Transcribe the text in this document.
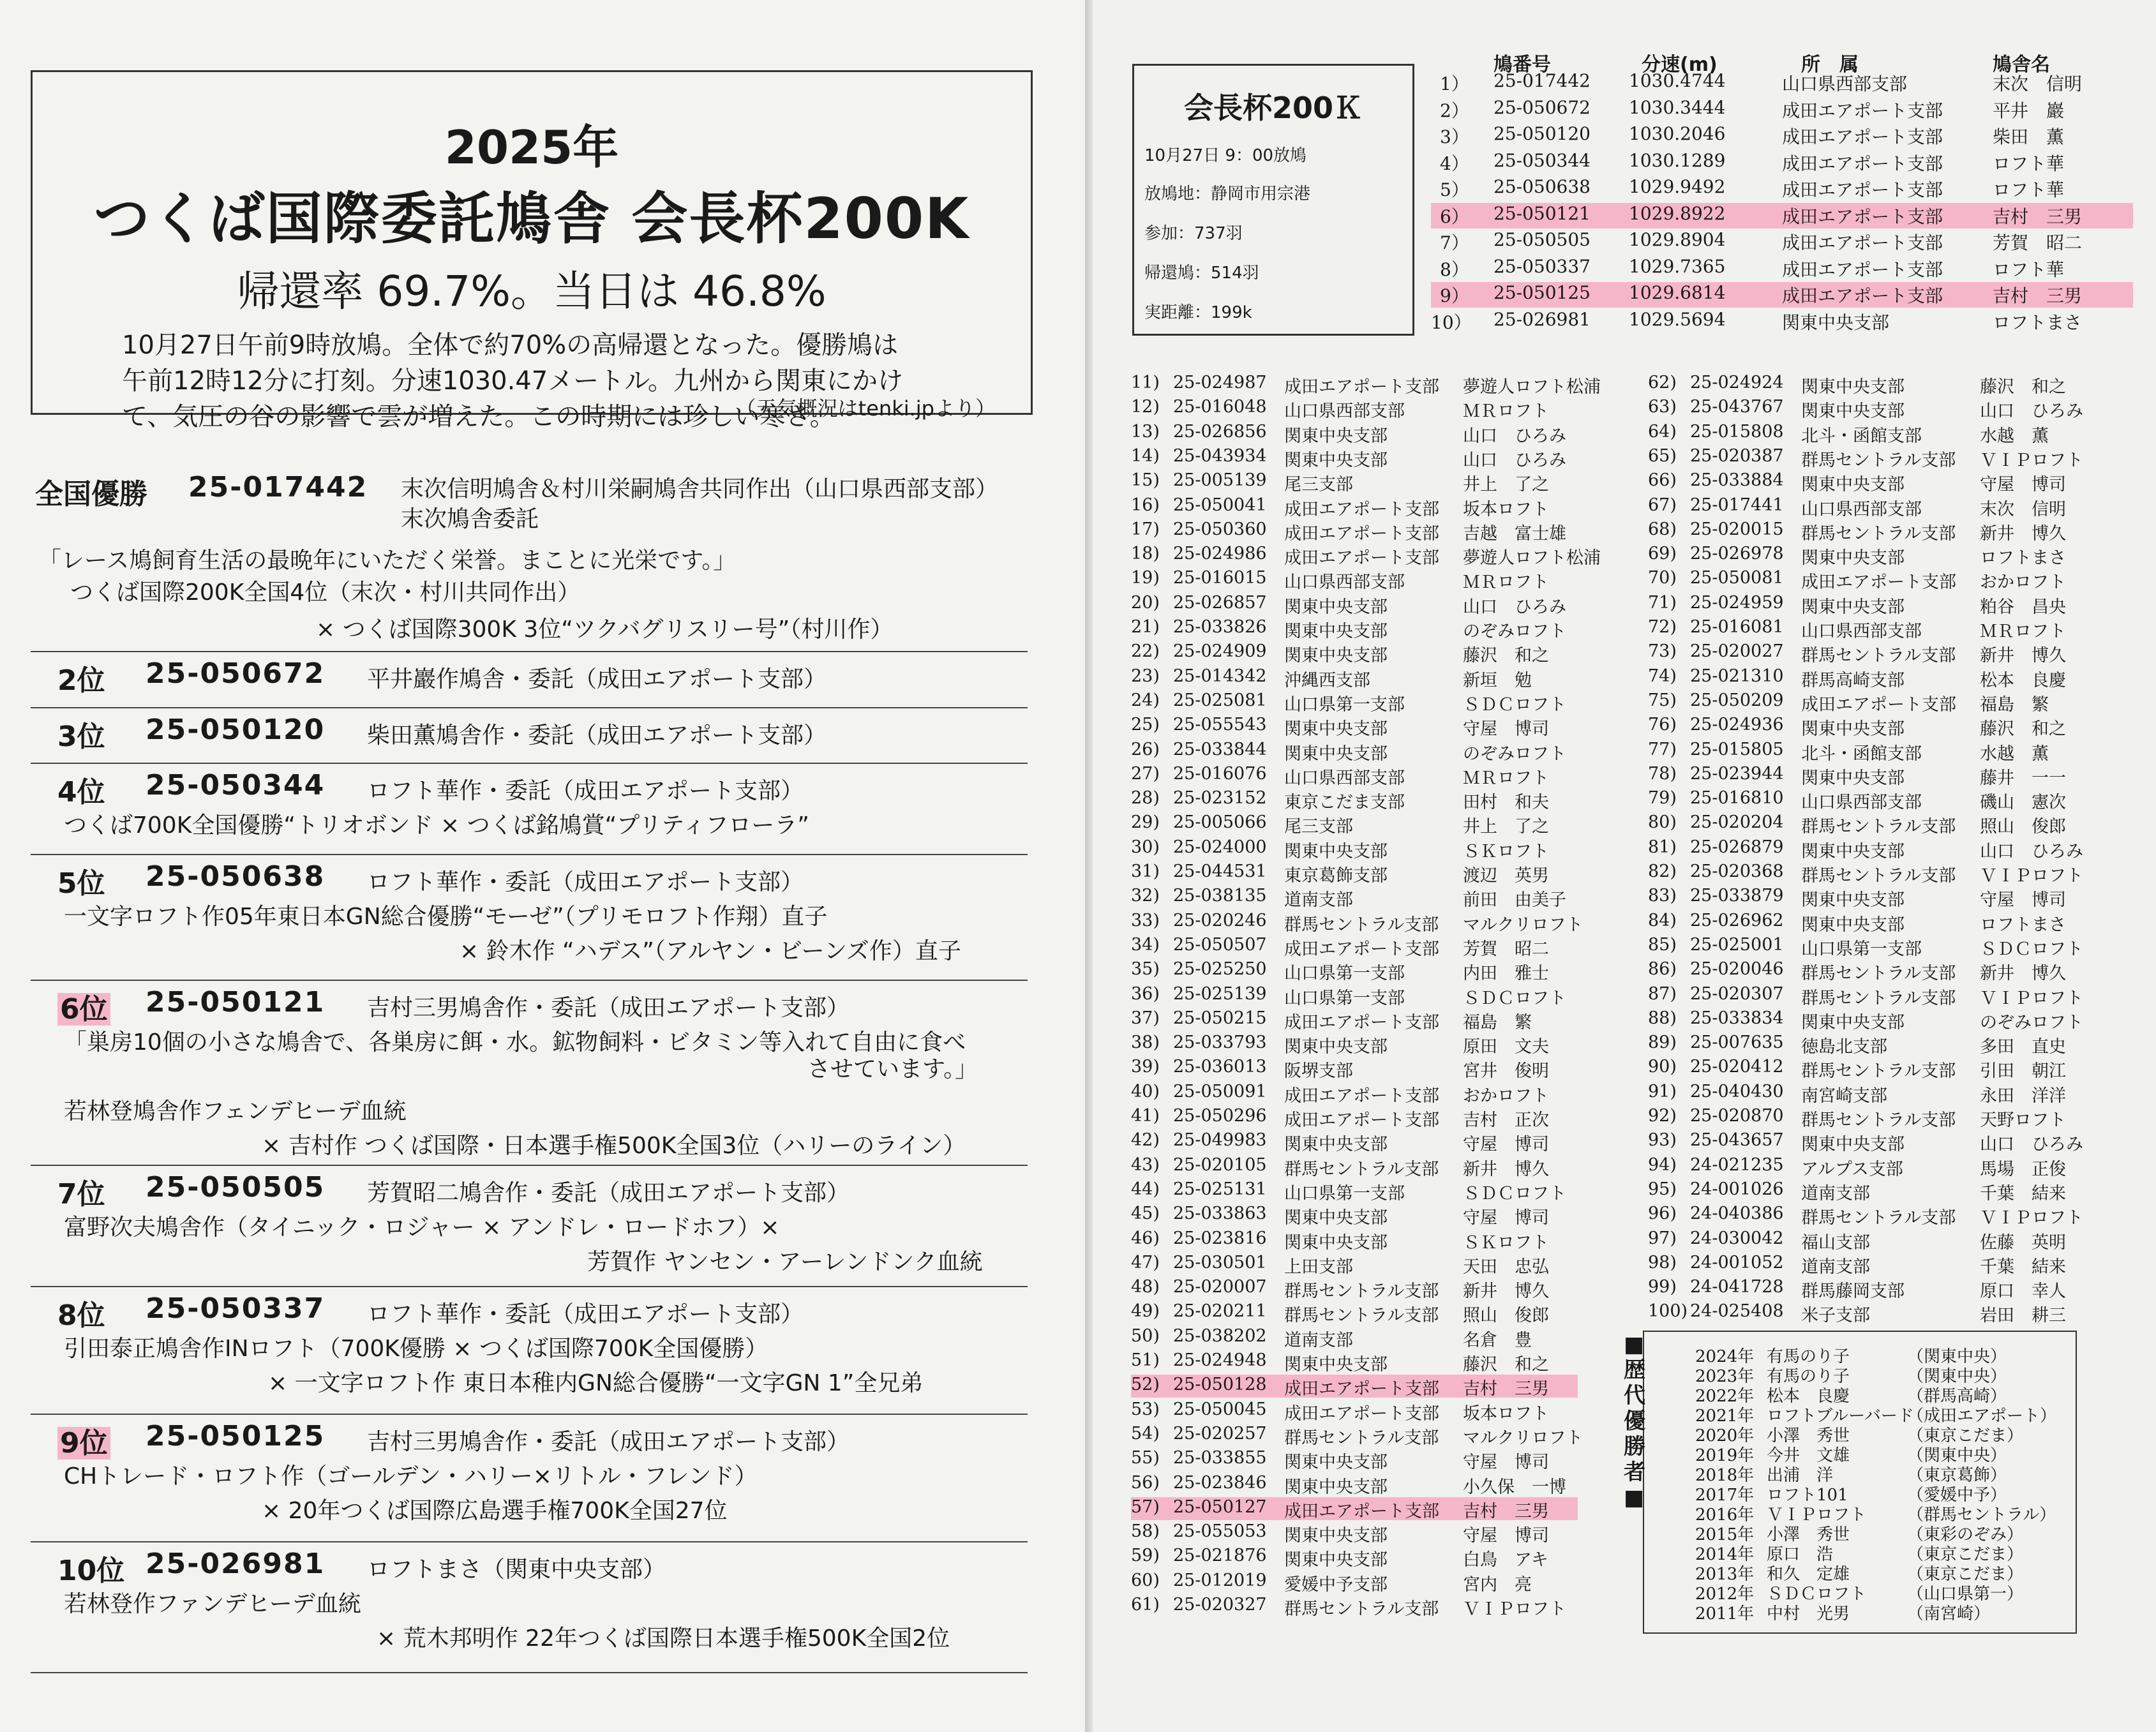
2025年
つくば国際委託鳩舎 会長杯200K
帰還率 69.7%。当日は 46.8%
10月27日午前9時放鳩。全体で約70%の高帰還となった。優勝鳩は
午前12時12分に打刻。分速1030.47メートル。九州から関東にかけ
て、気圧の谷の影響で雲が増えた。この時期には珍しい寒さ。
（天気概況はtenki.jpより）
全国優勝 25-017442 末次信明鳩舎＆村川栄嗣鳩舎共同作出（山口県西部支部）
末次鳩舎委託
「レース鳩飼育生活の最晩年にいただく栄誉。まことに光栄です。」
つくば国際200K全国4位（末次・村川共同作出）
× つくば国際300K 3位“ツクバグリスリー号”（村川作）
2位 25-050672 平井巖作鳩舎・委託（成田エアポート支部）
3位 25-050120 柴田薫鳩舎作・委託（成田エアポート支部）
4位 25-050344 ロフト華作・委託（成田エアポート支部）
つくば700K全国優勝“トリオボンド × つくば銘鳩賞“プリティフローラ”
5位 25-050638 ロフト華作・委託（成田エアポート支部）
一文字ロフト作05年東日本GN総合優勝“モーゼ”（プリモロフト作翔）直子
× 鈴木作 “ハデス”（アルヤン・ビーンズ作）直子
6位 25-050121 吉村三男鳩舎作・委託（成田エアポート支部）
「巣房10個の小さな鳩舎で、各巣房に餌・水。鉱物飼料・ビタミン等入れて自由に食べ
させています。」
若林登鳩舎作フェンデヒーデ血統
× 吉村作 つくば国際・日本選手権500K全国3位（ハリーのライン）
7位 25-050505 芳賀昭二鳩舎作・委託（成田エアポート支部）
富野次夫鳩舎作（タイニック・ロジャー × アンドレ・ロードホフ）×
芳賀作 ヤンセン・アーレンドンク血統
8位 25-050337 ロフト華作・委託（成田エアポート支部）
引田泰正鳩舎作INロフト（700K優勝 × つくば国際700K全国優勝）
× 一文字ロフト作 東日本稚内GN総合優勝“一文字GN 1”全兄弟
9位 25-050125 吉村三男鳩舎作・委託（成田エアポート支部）
CHトレード・ロフト作（ゴールデン・ハリー×リトル・フレンド）
× 20年つくば国際広島選手権700K全国27位
10位 25-026981 ロフトまさ（関東中央支部）
若林登作ファンデヒーデ血統
× 荒木邦明作 22年つくば国際日本選手権500K全国2位
会長杯200Ｋ
10月27日 9：00放鳩
放鳩地：静岡市用宗港
参加：737羽
帰還鳩：514羽
実距離：199k
鳩番号	分速(m)	所　属	鳩舎名
1） 25-017442 1030.4744	山口県西部支部	末次　信明
2） 25-050672 1030.3444	成田エアポート支部	平井　巖
3） 25-050120 1030.2046	成田エアポート支部	柴田　薫
4） 25-050344 1030.1289	成田エアポート支部	ロフト華
5） 25-050638 1029.9492	成田エアポート支部	ロフト華
6） 25-050121 1029.8922	成田エアポート支部	吉村　三男
7） 25-050505 1029.8904	成田エアポート支部	芳賀　昭二
8） 25-050337 1029.7365	成田エアポート支部	ロフト華
9） 25-050125 1029.6814	成田エアポート支部	吉村　三男
10） 25-026981 1029.5694	関東中央支部	ロフトまさ
11) 25-024987 成田エアポート支部 夢遊人ロフト松浦
12) 25-016048 山口県西部支部	ＭＲロフト
13) 25-026856 関東中央支部	山口　ひろみ
14) 25-043934 関東中央支部	山口　ひろみ
15) 25-005139 尾三支部	井上　了之
16) 25-050041 成田エアポート支部 坂本ロフト
17) 25-050360 成田エアポート支部 吉越　富士雄
18) 25-024986 成田エアポート支部 夢遊人ロフト松浦
19) 25-016015 山口県西部支部	ＭＲロフト
20) 25-026857 関東中央支部	山口　ひろみ
21) 25-033826 関東中央支部	のぞみロフト
22) 25-024909 関東中央支部	藤沢　和之
23) 25-014342 沖縄西支部	新垣　勉
24) 25-025081 山口県第一支部	ＳＤＣロフト
25) 25-055543 関東中央支部	守屋　博司
26) 25-033844 関東中央支部	のぞみロフト
27) 25-016076 山口県西部支部	ＭＲロフト
28) 25-023152 東京こだま支部	田村　和夫
29) 25-005066 尾三支部	井上　了之
30) 25-024000 関東中央支部	ＳＫロフト
31) 25-044531 東京葛飾支部	渡辺　英男
32) 25-038135 道南支部	前田　由美子
33) 25-020246 群馬セントラル支部 マルクリロフト
34) 25-050507 成田エアポート支部 芳賀　昭二
35) 25-025250 山口県第一支部	内田　雅士
36) 25-025139 山口県第一支部	ＳＤＣロフト
37) 25-050215 成田エアポート支部 福島　繁
38) 25-033793 関東中央支部	原田　文夫
39) 25-036013 阪堺支部	宮井　俊明
40) 25-050091 成田エアポート支部 おかロフト
41) 25-050296 成田エアポート支部 吉村　正次
42) 25-049983 関東中央支部	守屋　博司
43) 25-020105 群馬セントラル支部 新井　博久
44) 25-025131 山口県第一支部	ＳＤＣロフト
45) 25-033863 関東中央支部	守屋　博司
46) 25-023816 関東中央支部	ＳＫロフト
47) 25-030501 上田支部	天田　忠弘
48) 25-020007 群馬セントラル支部 新井　博久
49) 25-020211 群馬セントラル支部 照山　俊郎
50) 25-038202 道南支部	名倉　豊
51) 25-024948 関東中央支部	藤沢　和之
52) 25-050128 成田エアポート支部 吉村　三男
53) 25-050045 成田エアポート支部 坂本ロフト
54) 25-020257 群馬セントラル支部 マルクリロフト
55) 25-033855 関東中央支部	守屋　博司
56) 25-023846 関東中央支部	小久保　一博
57) 25-050127 成田エアポート支部 吉村　三男
58) 25-055053 関東中央支部	守屋　博司
59) 25-021876 関東中央支部	白鳥　アキ
60) 25-012019 愛媛中予支部	宮内　亮
61) 25-020327 群馬セントラル支部 ＶＩＰロフト
62) 25-024924 関東中央支部	藤沢　和之
63) 25-043767 関東中央支部	山口　ひろみ
64) 25-015808 北斗・函館支部	水越　薫
65) 25-020387 群馬セントラル支部 ＶＩＰロフト
66) 25-033884 関東中央支部	守屋　博司
67) 25-017441 山口県西部支部	末次　信明
68) 25-020015 群馬セントラル支部 新井　博久
69) 25-026978 関東中央支部	ロフトまさ
70) 25-050081 成田エアポート支部 おかロフト
71) 25-024959 関東中央支部	粕谷　昌央
72) 25-016081 山口県西部支部	ＭＲロフト
73) 25-020027 群馬セントラル支部 新井　博久
74) 25-021310 群馬高崎支部	松本　良慶
75) 25-050209 成田エアポート支部 福島　繁
76) 25-024936 関東中央支部	藤沢　和之
77) 25-015805 北斗・函館支部	水越　薫
78) 25-023944 関東中央支部	藤井　一一
79) 25-016810 山口県西部支部	磯山　憲次
80) 25-020204 群馬セントラル支部 照山　俊郎
81) 25-026879 関東中央支部	山口　ひろみ
82) 25-020368 群馬セントラル支部 ＶＩＰロフト
83) 25-033879 関東中央支部	守屋　博司
84) 25-026962 関東中央支部	ロフトまさ
85) 25-025001 山口県第一支部	ＳＤＣロフト
86) 25-020046 群馬セントラル支部 新井　博久
87) 25-020307 群馬セントラル支部 ＶＩＰロフト
88) 25-033834 関東中央支部	のぞみロフト
89) 25-007635 徳島北支部	多田　直史
90) 25-020412 群馬セントラル支部 引田　朝江
91) 25-040430 南宮崎支部	永田　洋洋
92) 25-020870 群馬セントラル支部 天野ロフト
93) 25-043657 関東中央支部	山口　ひろみ
94) 24-021235 アルプス支部	馬場　正俊
95) 24-001026 道南支部	千葉　結来
96) 24-040386 群馬セントラル支部 ＶＩＰロフト
97) 24-030042 福山支部	佐藤　英明
98) 24-001052 道南支部	千葉　結来
99) 24-041728 群馬藤岡支部	原口　幸人
100) 24-025408 米子支部	岩田　耕三
■歴代優勝者■
2024年 有馬のり子	（関東中央）
2023年 有馬のり子	（関東中央）
2022年 松本　良慶	（群馬高崎）
2021年 ロフトブルーバード（成田エアポート）
2020年 小澤　秀世	（東京こだま）
2019年 今井　文雄	（関東中央）
2018年 出浦　洋	（東京葛飾）
2017年 ロフト101	（愛媛中予）
2016年 ＶＩＰロフト （群馬セントラル）
2015年 小澤　秀世	（東彩のぞみ）
2014年 原口　浩	（東京こだま）
2013年 和久　定雄	（東京こだま）
2012年 ＳＤＣロフト （山口県第一）
2011年 中村　光男	（南宮崎）
